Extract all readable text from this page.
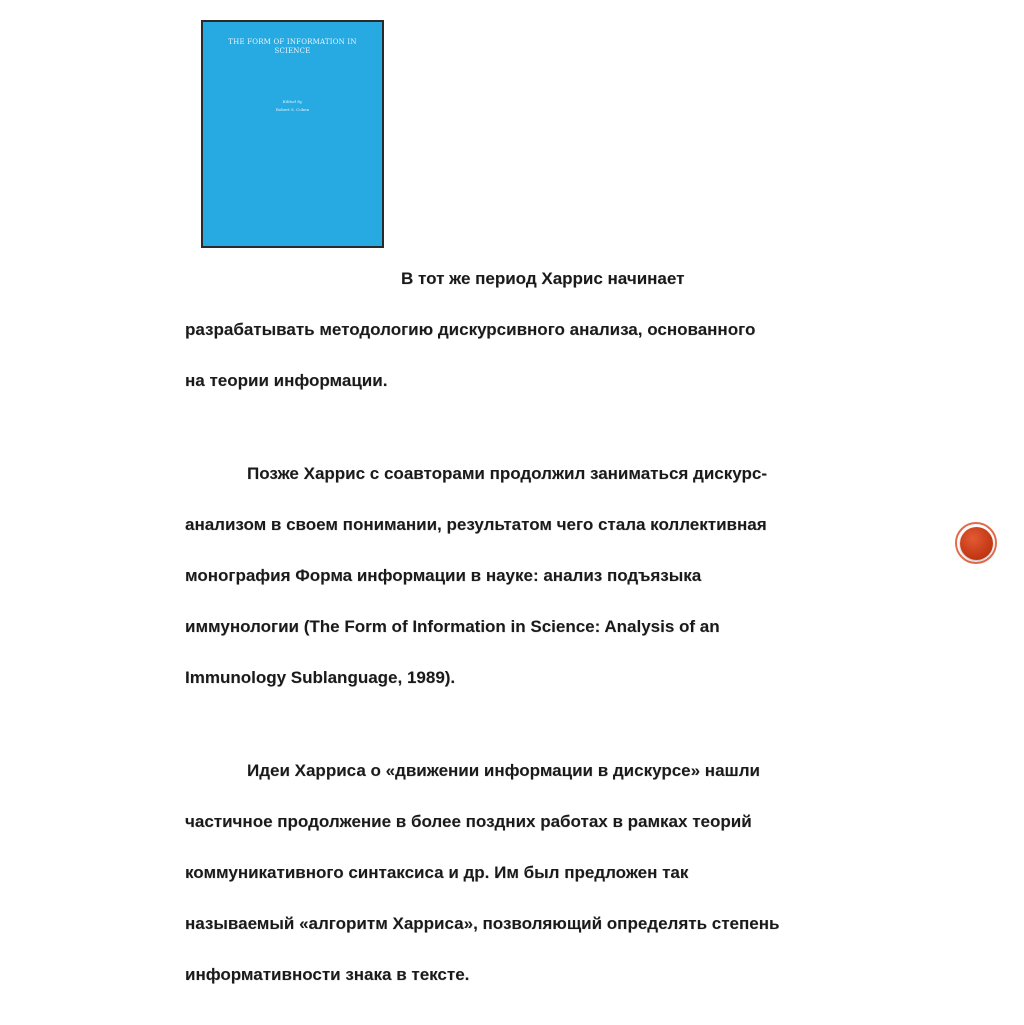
THE FORM OF INFORMATION IN SCIENCE
Edited by
Robert S. Cohen

В тот же период Харрис начинает

разрабатывать методологию дискурсивного анализа, основанного

на теории информации.

Позже Харрис с соавторами продолжил заниматься дискурс-

анализом в своем понимании, результатом чего стала коллективная

монография Форма информации в науке: анализ подъязыка

иммунологии (The Form of Information in Science: Analysis of an

Immunology Sublanguage, 1989).

Идеи Харриса о «движении информации в дискурсе» нашли

частичное продолжение в более поздних работах в рамках теорий

коммуникативного синтаксиса и др. Им был предложен так

называемый «алгоритм Харриса», позволяющий определять степень

информативности знака в тексте.
